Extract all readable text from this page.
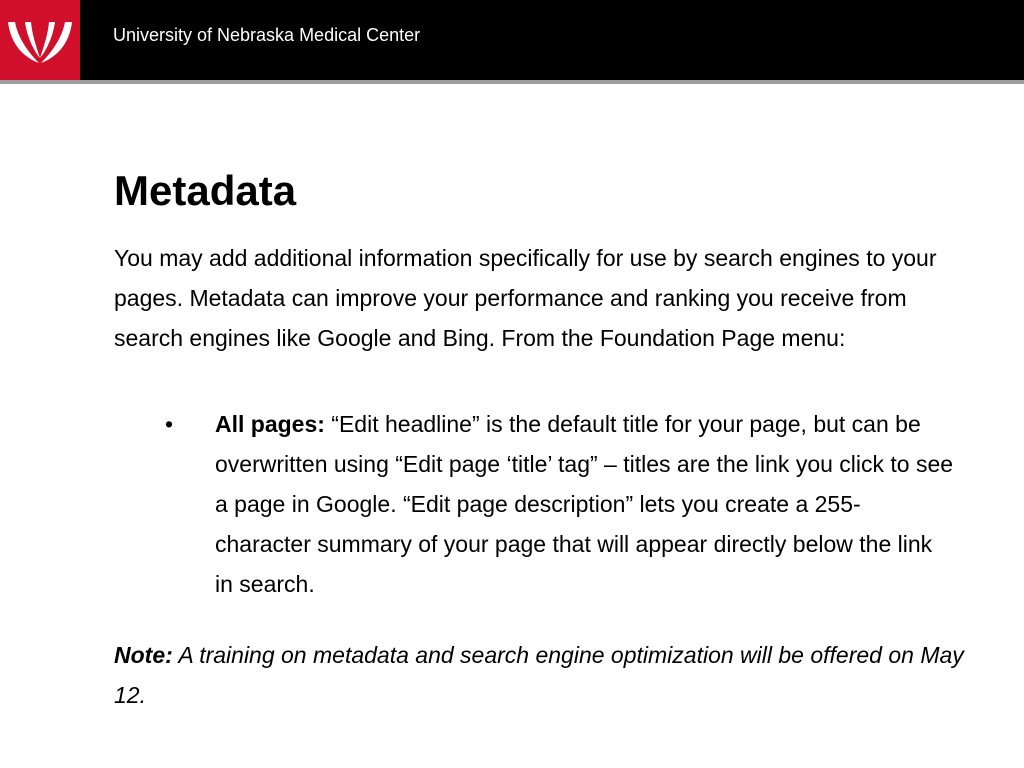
University of Nebraska Medical Center
Metadata

You may add additional information specifically for use by search engines to your pages. Metadata can improve your performance and ranking you receive from search engines like Google and Bing. From the Foundation Page menu:

• All pages: “Edit headline” is the default title for your page, but can be overwritten using “Edit page ‘title’ tag” – titles are the link you click to see a page in Google. “Edit page description” lets you create a 255-character summary of your page that will appear directly below the link in search.

Note: A training on metadata and search engine optimization will be offered on May 12.
